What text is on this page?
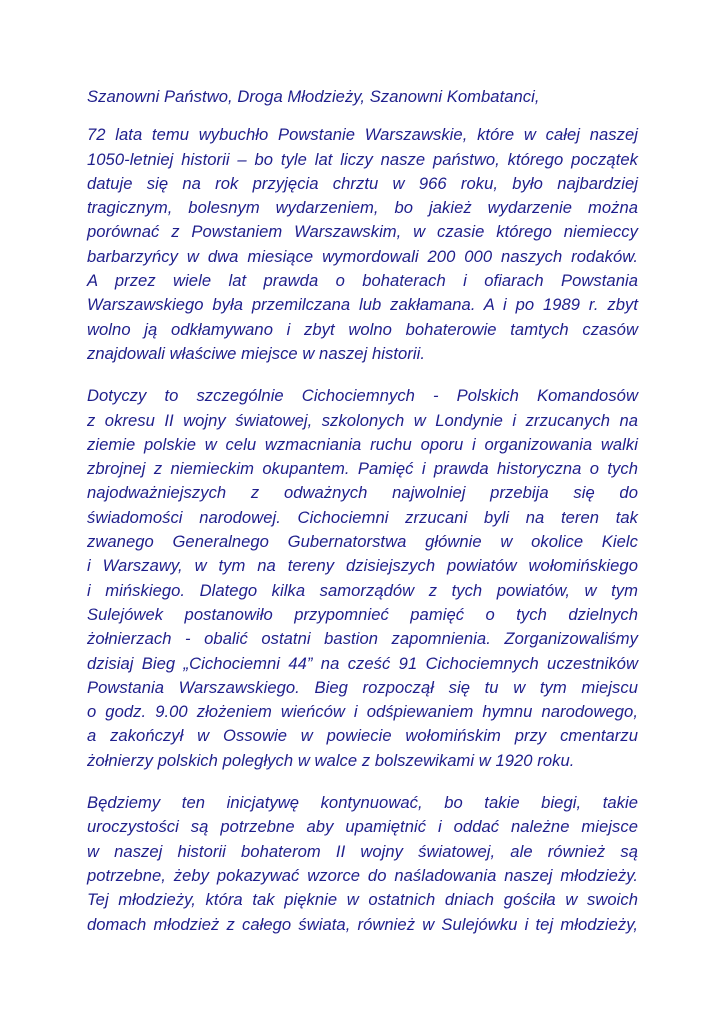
Szanowni Państwo, Droga Młodzieży, Szanowni Kombatanci,

72 lata temu wybuchło Powstanie Warszawskie, które w całej naszej
1050-letniej historii – bo tyle lat liczy nasze państwo, którego początek
datuje się na rok przyjęcia chrztu w 966 roku, było najbardziej
tragicznym, bolesnym wydarzeniem, bo jakież wydarzenie można
porównać z Powstaniem Warszawskim, w czasie którego niemieccy
barbarzyńcy w dwa miesiące wymordowali 200 000 naszych rodaków.
A przez wiele lat prawda o bohaterach i ofiarach Powstania
Warszawskiego była przemilczana lub zakłamana. A i po 1989 r. zbyt
wolno ją odkłamywano i zbyt wolno bohaterowie tamtych czasów
znajdowali właściwe miejsce w naszej historii.
Dotyczy to szczególnie Cichociemnych - Polskich Komandosów
z okresu II wojny światowej, szkolonych w Londynie i zrzucanych na
ziemie polskie w celu wzmacniania ruchu oporu i organizowania walki
zbrojnej z niemieckim okupantem. Pamięć i prawda historyczna o tych
najodważniejszych z odważnych najwolniej przebija się do
świadomości narodowej. Cichociemni zrzucani byli na teren tak
zwanego Generalnego Gubernatorstwa głównie w okolice Kielc
i Warszawy, w tym na tereny dzisiejszych powiatów wołomińskiego
i mińskiego. Dlatego kilka samorządów z tych powiatów, w tym
Sulejówek postanowiło przypomnieć pamięć o tych dzielnych
żołnierzach - obalić ostatni bastion zapomnienia. Zorganizowaliśmy
dzisiaj Bieg „Cichociemni 44” na cześć 91 Cichociemnych uczestników
Powstania Warszawskiego. Bieg rozpoczął się tu w tym miejscu
o godz. 9.00 złożeniem wieńców i odśpiewaniem hymnu narodowego,
a zakończył w Ossowie w powiecie wołomińskim przy cmentarzu
żołnierzy polskich poległych w walce z bolszewikami w 1920 roku.
Będziemy ten inicjatywę kontynuować, bo takie biegi, takie
uroczystości są potrzebne aby upamiętnić i oddać należne miejsce
w naszej historii bohaterom II wojny światowej, ale również są
potrzebne, żeby pokazywać wzorce do naśladowania naszej młodzieży.
Tej młodzieży, która tak pięknie w ostatnich dniach gościła w swoich
domach młodzież z całego świata, również w Sulejówku i tej młodzieży,
